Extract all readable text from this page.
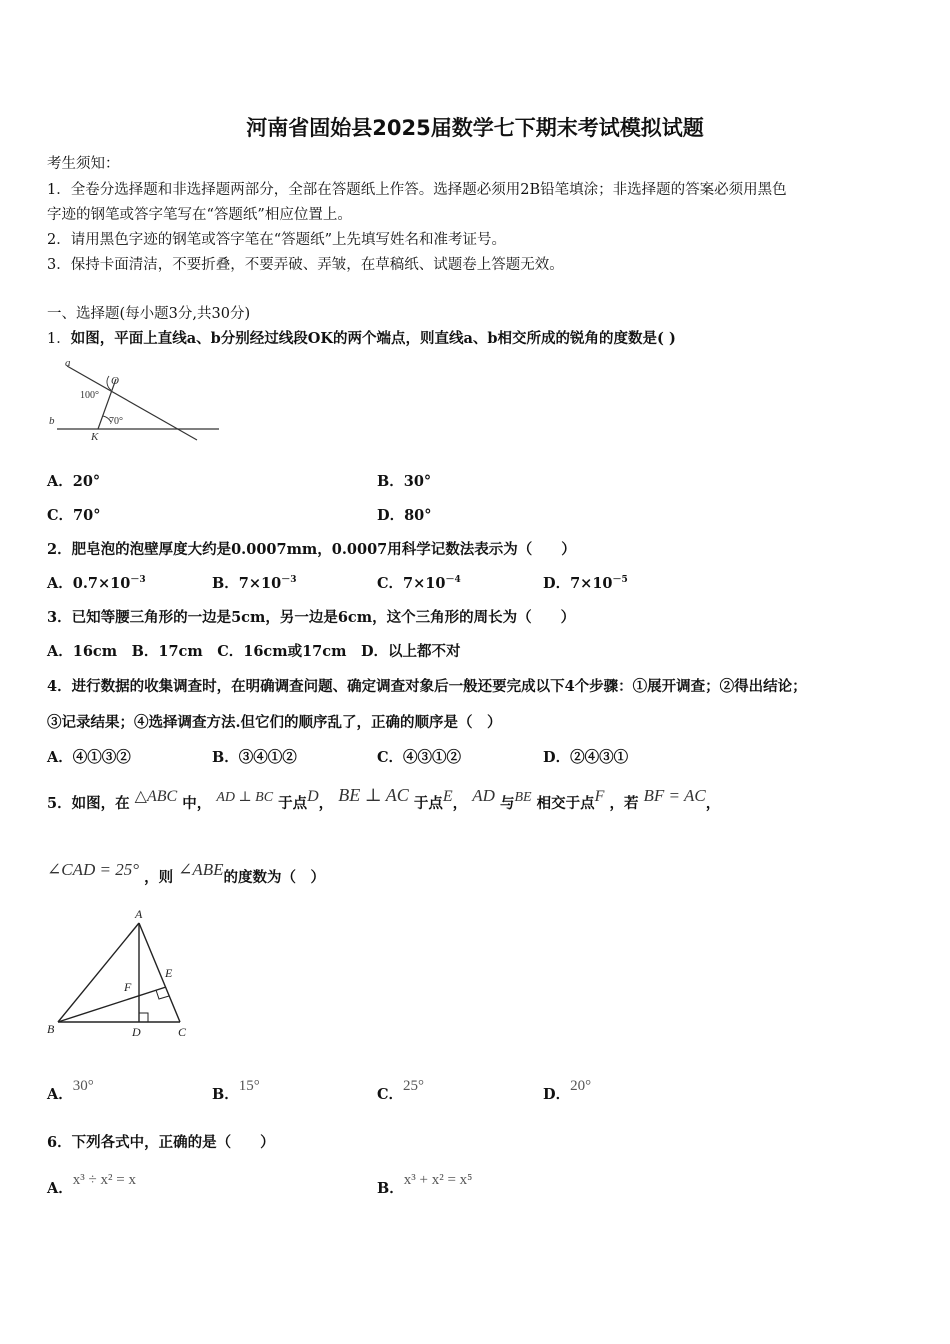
河南省固始县2025届数学七下期末考试模拟试题
考生须知：
1．全卷分选择题和非选择题两部分，全部在答题纸上作答。选择题必须用2B铅笔填涂；非选择题的答案必须用黑色
字迹的钢笔或答字笔写在“答题纸”相应位置上。
2．请用黑色字迹的钢笔或答字笔在“答题纸”上先填写姓名和准考证号。
3．保持卡面清洁，不要折叠，不要弄破、弄皱，在草稿纸、试题卷上答题无效。
一、选择题(每小题3分,共30分)
1．如图，平面上直线a、b分别经过线段OK的两个端点，则直线a、b相交所成的锐角的度数是( )
a
b
O
K
100°
70°
A．20°	B．30°
C．70°	D．80°
2．肥皂泡的泡壁厚度大约是0.0007mm，0.0007用科学记数法表示为（　　）
A．$0.7\times 10^{-3}$	B．$7\times 10^{-3}$	C．$7\times 10^{-4}$	D．$7\times 10^{-5}$
3．已知等腰三角形的一边是5cm，另一边是6cm，这个三角形的周长为（　　）
A．16cm　B．17cm　C．16cm或17cm　D．以上都不对
4．进行数据的收集调查时，在明确调查问题、确定调查对象后一般还要完成以下4个步骤：①展开调查；②得出结论；
③记录结果；④选择调查方法.但它们的顺序乱了，正确的顺序是（　）
A．④①③②	B．③④①②	C．④③①②	D．②④③①
5．如图，在 △ABC 中， AD ⊥ BC 于点D， BE ⊥ AC 于点E， AD 与BE 相交于点F ，若 BF = AC，
∠CAD = 25° ，则 ∠ABE的度数为（　）
A
B	C
D
E
F
A．30°	B．15°	C．25°	D．20°
6．下列各式中，正确的是（　　）
A．x³ ÷ x² = x	B．x³ + x² = x⁵
